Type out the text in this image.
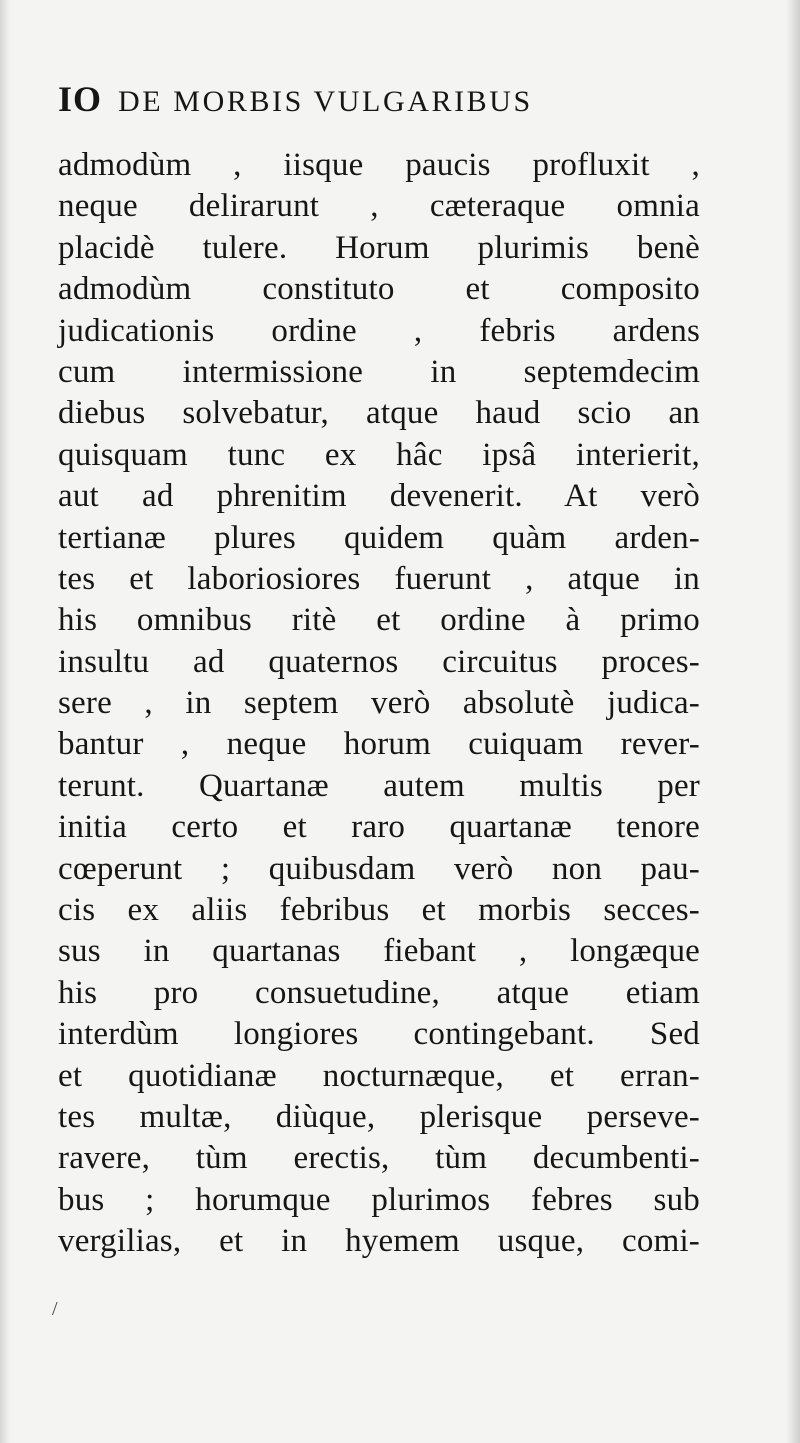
IO DE MORBIS VULGARIBUS
admodùm , iisque paucis profluxit ,
neque delirarunt , cæteraque omnia
placidè tulere. Horum plurimis benè
admodùm constituto et composito
judicationis ordine , febris ardens
cum intermissione in septemdecim
diebus solvebatur, atque haud scio an
quisquam tunc ex hâc ipsâ interierit,
aut ad phrenitim devenerit. At verò
tertianæ plures quidem quàm arden-
tes et laboriosiores fuerunt , atque in
his omnibus ritè et ordine à primo
insultu ad quaternos circuitus proces-
sere , in septem verò absolutè judica-
bantur , neque horum cuiquam rever-
terunt. Quartanæ autem multis per
initia certo et raro quartanæ tenore
cœperunt ; quibusdam verò non pau-
cis ex aliis febribus et morbis secces-
sus in quartanas fiebant , longæque
his pro consuetudine, atque etiam
interdùm longiores contingebant. Sed
et quotidianæ nocturnæque, et erran-
tes multæ, diùque, plerisque perseve-
ravere, tùm erectis, tùm decumbenti-
bus ; horumque plurimos febres sub
vergilias, et in hyemem usque, comi-
/
